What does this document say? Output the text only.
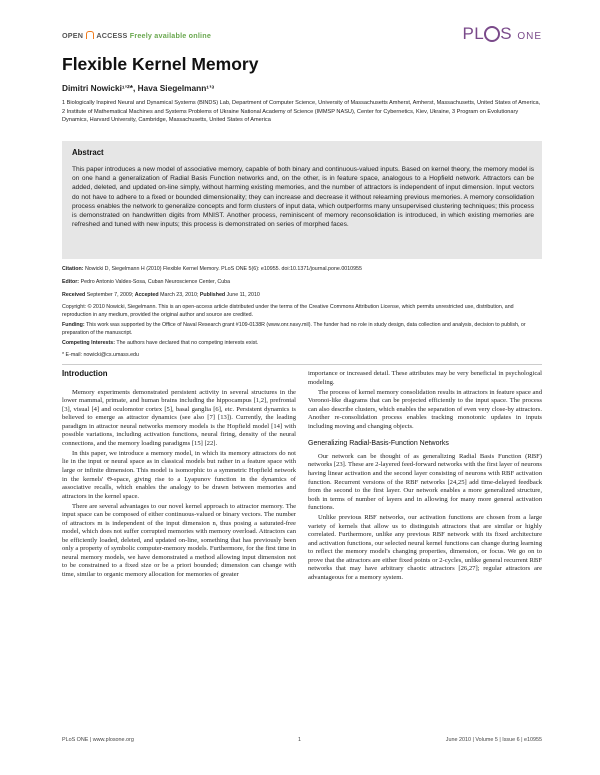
OPEN ACCESS Freely available online	PL S ONE
Flexible Kernel Memory
Dimitri Nowicki¹ʼ²*, Hava Siegelmann¹ʼ³
1 Biologically Inspired Neural and Dynamical Systems (BINDS) Lab, Department of Computer Science, University of Massachusetts Amherst, Amherst, Massachusetts, United States of America, 2 Institute of Mathematical Machines and Systems Problems of Ukraine National Academy of Science (IMMSP NASU), Center for Cybernetics, Kiev, Ukraine, 3 Program on Evolutionary Dynamics, Harvard University, Cambridge, Massachusetts, United States of America
Abstract
This paper introduces a new model of associative memory, capable of both binary and continuous-valued inputs. Based on kernel theory, the memory model is on one hand a generalization of Radial Basis Function networks and, on the other, is in feature space, analogous to a Hopfield network. Attractors can be added, deleted, and updated on-line simply, without harming existing memories, and the number of attractors is independent of input dimension. Input vectors do not have to adhere to a fixed or bounded dimensionality; they can increase and decrease it without relearning previous memories. A memory consolidation process enables the network to generalize concepts and form clusters of input data, which outperforms many unsupervised clustering techniques; this process is demonstrated on handwritten digits from MNIST. Another process, reminiscent of memory reconsolidation is introduced, in which existing memories are refreshed and tuned with new inputs; this process is demonstrated on series of morphed faces.
Citation: Nowicki D, Siegelmann H (2010) Flexible Kernel Memory. PLoS ONE 5(6): e10955. doi:10.1371/journal.pone.0010955
Editor: Pedro Antonio Valdes-Sosa, Cuban Neuroscience Center, Cuba
Received September 7, 2009; Accepted March 23, 2010; Published June 11, 2010
Copyright: © 2010 Nowicki, Siegelmann. This is an open-access article distributed under the terms of the Creative Commons Attribution License, which permits unrestricted use, distribution, and reproduction in any medium, provided the original author and source are credited.
Funding: This work was supported by the Office of Naval Research grant #109-0138R (www.onr.navy.mil). The funder had no role in study design, data collection and analysis, decision to publish, or preparation of the manuscript.
Competing Interests: The authors have declared that no competing interests exist.
* E-mail: nowicki@cs.umass.edu

Introduction

Memory experiments demonstrated persistent activity in several structures in the lower mammal, primate, and human brains including the hippocampus [1,2], prefrontal [3], visual [4] and oculomotor cortex [5], basal ganglia [6], etc. Persistent dynamics is believed to emerge as attractor dynamics (see also [7] [13]). Currently, the leading paradigm in attractor neural networks memory models is the Hopfield model [14] with possible variations, including activation functions, neural firing, density of the neural connections, and the memory loading paradigms [15] [22].

In this paper, we introduce a memory model, in which its memory attractors do not lie in the input or neural space as in classical models but rather in a feature space with large or infinite dimension. This model is isomorphic to a symmetric Hopfield network in the kernels' Θ-space, giving rise to a Lyapunov function in the dynamics of associative recalls, which enables the analogy to be drawn between memories and attractors in the kernel space.

There are several advantages to our novel kernel approach to attractor memory. The input space can be composed of either continuous-valued or binary vectors. The number of attractors m is independent of the input dimension n, thus posing a saturated-free model, which does not suffer corrupted memories with memory overload. Attractors can be efficiently loaded, deleted, and updated on-line, something that has previously been only a property of symbolic computer-memory models. Furthermore, for the first time in neural memory models, we have demonstrated a method allowing input dimension not to be constrained to a fixed size or be a priori bounded; dimension can change with time, similar to organic memory allocation for memories of greater

importance or increased detail. These attributes may be very beneficial in psychological modeling.

The process of kernel memory consolidation results in attractors in feature space and Voronoi-like diagrams that can be projected efficiently to the input space. The process can also describe clusters, which enables the separation of even very close-by attractors. Another re-consolidation process enables tracking monotonic updates in inputs including moving and changing objects.

Generalizing Radial-Basis-Function Networks

Our network can be thought of as generalizing Radial Basis Function (RBF) networks [23]. These are 2-layered feed-forward networks with the first layer of neurons having linear activation and the second layer consisting of neurons with RBF activation function. Recurrent versions of the RBF networks [24,25] add time-delayed feedback from the second to the first layer. Our network enables a more generalized structure, both in terms of number of layers and in allowing for many more general activation functions.

Unlike previous RBF networks, our activation functions are chosen from a large variety of kernels that allow us to distinguish attractors that are similar or highly correlated. Furthermore, unlike any previous RBF network with its fixed architecture and activation functions, our selected neural kernel functions can change during learning to reflect the memory model's changing properties, dimension, or focus. We go on to prove that the attractors are either fixed points or 2-cycles, unlike general recurrent RBF networks that may have arbitrary chaotic attractors [26,27]; regular attractors are advantageous for a memory system.

PLoS ONE | www.plosone.org	1	June 2010 | Volume 5 | Issue 6 | e10955
